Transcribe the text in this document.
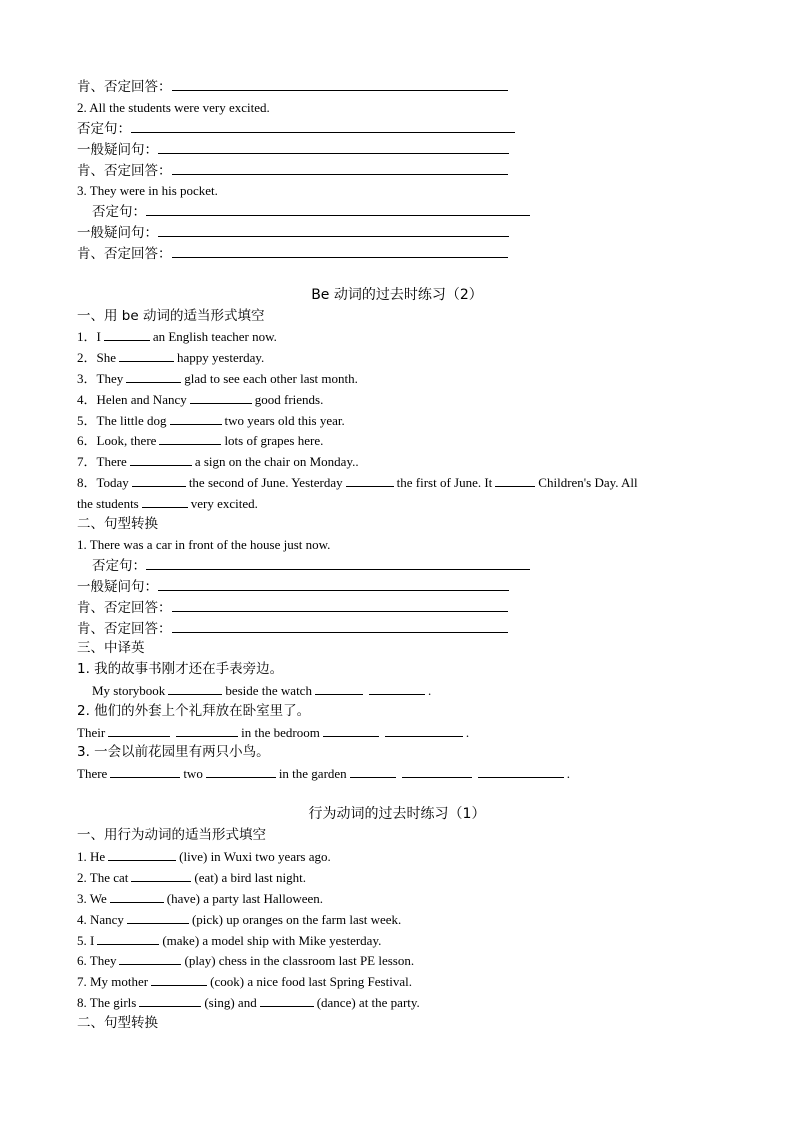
肯、否定回答：
2. All the students were very excited.
否定句：
一般疑问句：
肯、否定回答：
3. They were in his pocket.
否定句：
一般疑问句：
肯、否定回答：
Be 动词的过去时练习（2）
一、用 be 动词的适当形式填空
1．I	an English teacher now.
2．She	happy yesterday.
3．They	glad to see each other last month.
4．Helen and Nancy	good friends.
5．The little dog	two years old this year.
6．Look, there	lots of grapes here.
7．There	a sign on the chair on Monday..
8．Today	the second of June. Yesterday	the first of June. It	Children's Day. All
the students	very excited.
二、句型转换
1. There was a car in front of the house just now.
否定句：
一般疑问句：
肯、否定回答：
肯、否定回答：
三、中译英
1. 我的故事书刚才还在手表旁边。
My storybook	beside the watch	.
2. 他们的外套上个礼拜放在卧室里了。
Their	in the bedroom	.
3. 一会以前花园里有两只小鸟。
There	two	in the garden	.
行为动词的过去时练习（1）
一、用行为动词的适当形式填空
1. He	(live) in Wuxi two years ago.
2. The cat	(eat) a bird last night.
3. We	(have) a party last Halloween.
4. Nancy	(pick) up oranges on the farm last week.
5. I	(make) a model ship with Mike yesterday.
6. They	(play) chess in the classroom last PE lesson.
7. My mother	(cook) a nice food last Spring Festival.
8. The girls	(sing) and	(dance) at the party.
二、句型转换
